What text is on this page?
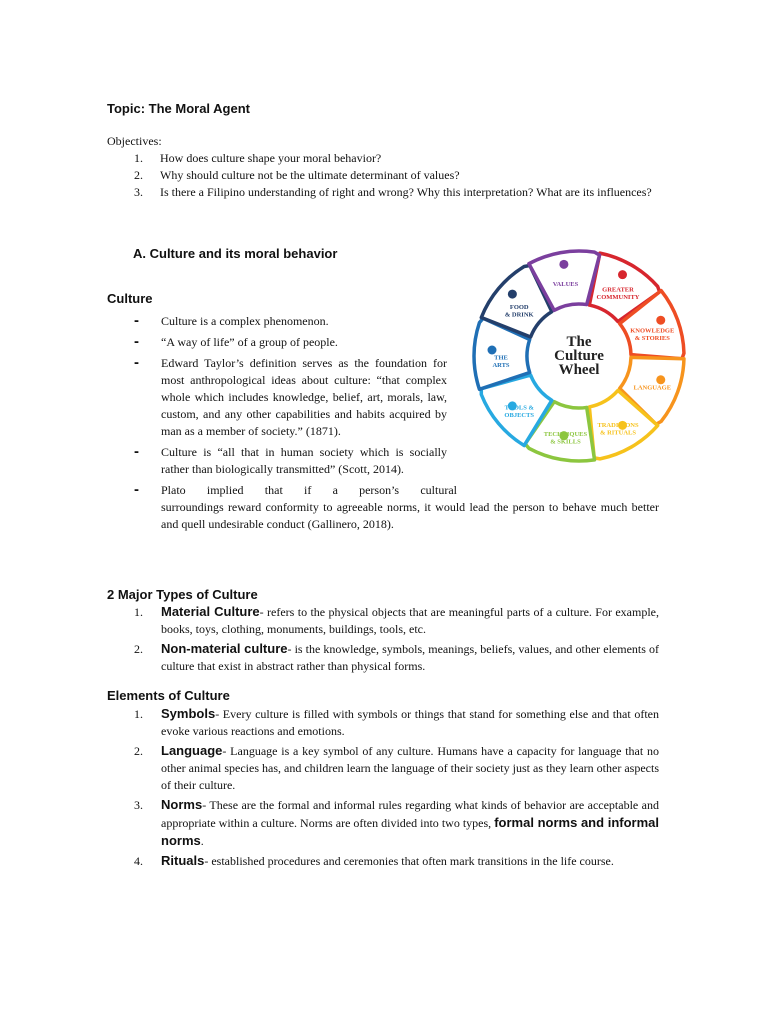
Topic: The Moral Agent
Objectives:
1. How does culture shape your moral behavior?
2. Why should culture not be the ultimate determinant of values?
3. Is there a Filipino understanding of right and wrong? Why this interpretation? What are its influences?
A. Culture and its moral behavior
Culture
- Culture is a complex phenomenon.
- “A way of life” of a group of people.
- Edward Taylor’s definition serves as the foundation for most anthropological ideas about culture: “that complex whole which includes knowledge, belief, art, morals, law, custom, and any other capabilities and habits acquired by man as a member of society.” (1871).
- Culture is “all that in human society which is socially rather than biologically transmitted” (Scott, 2014).
- Plato implied that if a person’s cultural
surroundings reward conformity to agreeable norms, it would lead the person to behave much better and quell undesirable conduct (Gallinero, 2018).
GREATER
COMMUNITY
KNOWLEDGE
& STORIES
LANGUAGE
TRADITIONS
& RITUALS
TECHNIQUES
& SKILLS
TOOLS &
OBJECTS
THE
ARTS
FOOD
& DRINK
VALUES
The
Culture
Wheel
2 Major Types of Culture
1. Material Culture- refers to the physical objects that are meaningful parts of a culture. For example, books, toys, clothing, monuments, buildings, tools, etc.
2. Non-material culture- is the knowledge, symbols, meanings, beliefs, values, and other elements of culture that exist in abstract rather than physical forms.
Elements of Culture
1. Symbols- Every culture is filled with symbols or things that stand for something else and that often evoke various reactions and emotions.
2. Language- Language is a key symbol of any culture. Humans have a capacity for language that no other animal species has, and children learn the language of their society just as they learn other aspects of their culture.
3. Norms- These are the formal and informal rules regarding what kinds of behavior are acceptable and appropriate within a culture. Norms are often divided into two types, formal norms and informal norms.
4. Rituals- established procedures and ceremonies that often mark transitions in the life course.
